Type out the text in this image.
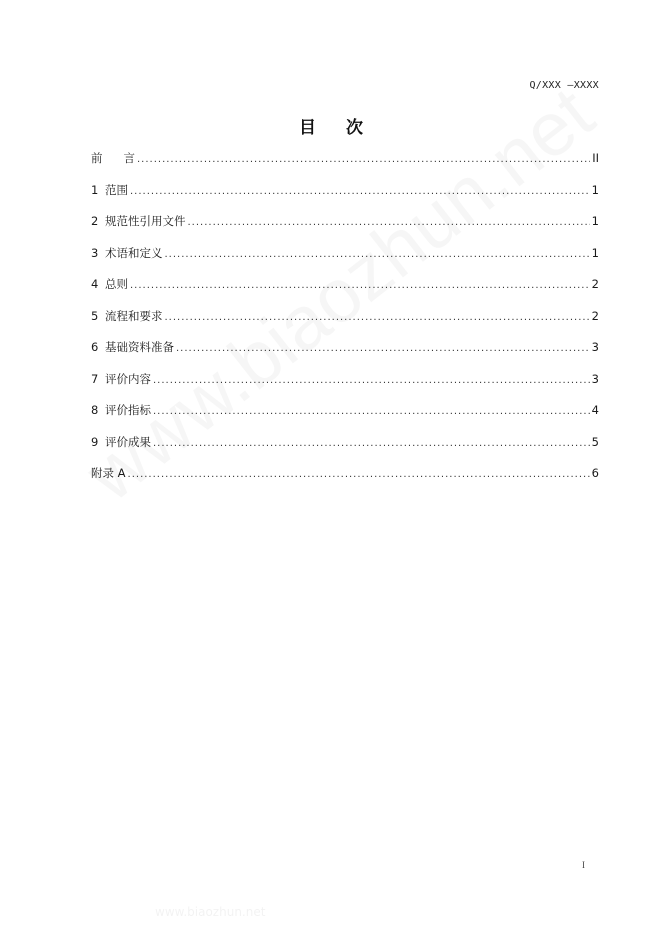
Q/XXX —XXXX
目 次
前言 .....	II
1 范围 .....	1
2 规范性引用文件 .....	1
3 术语和定义 .....	1
4 总则 .....	2
5 流程和要求 .....	2
6 基础资料准备 .....	3
7 评价内容 .....	3
8 评价指标 .....	4
9 评价成果 .....	5
附录 A .....	6
I
www.biaozhun.net
